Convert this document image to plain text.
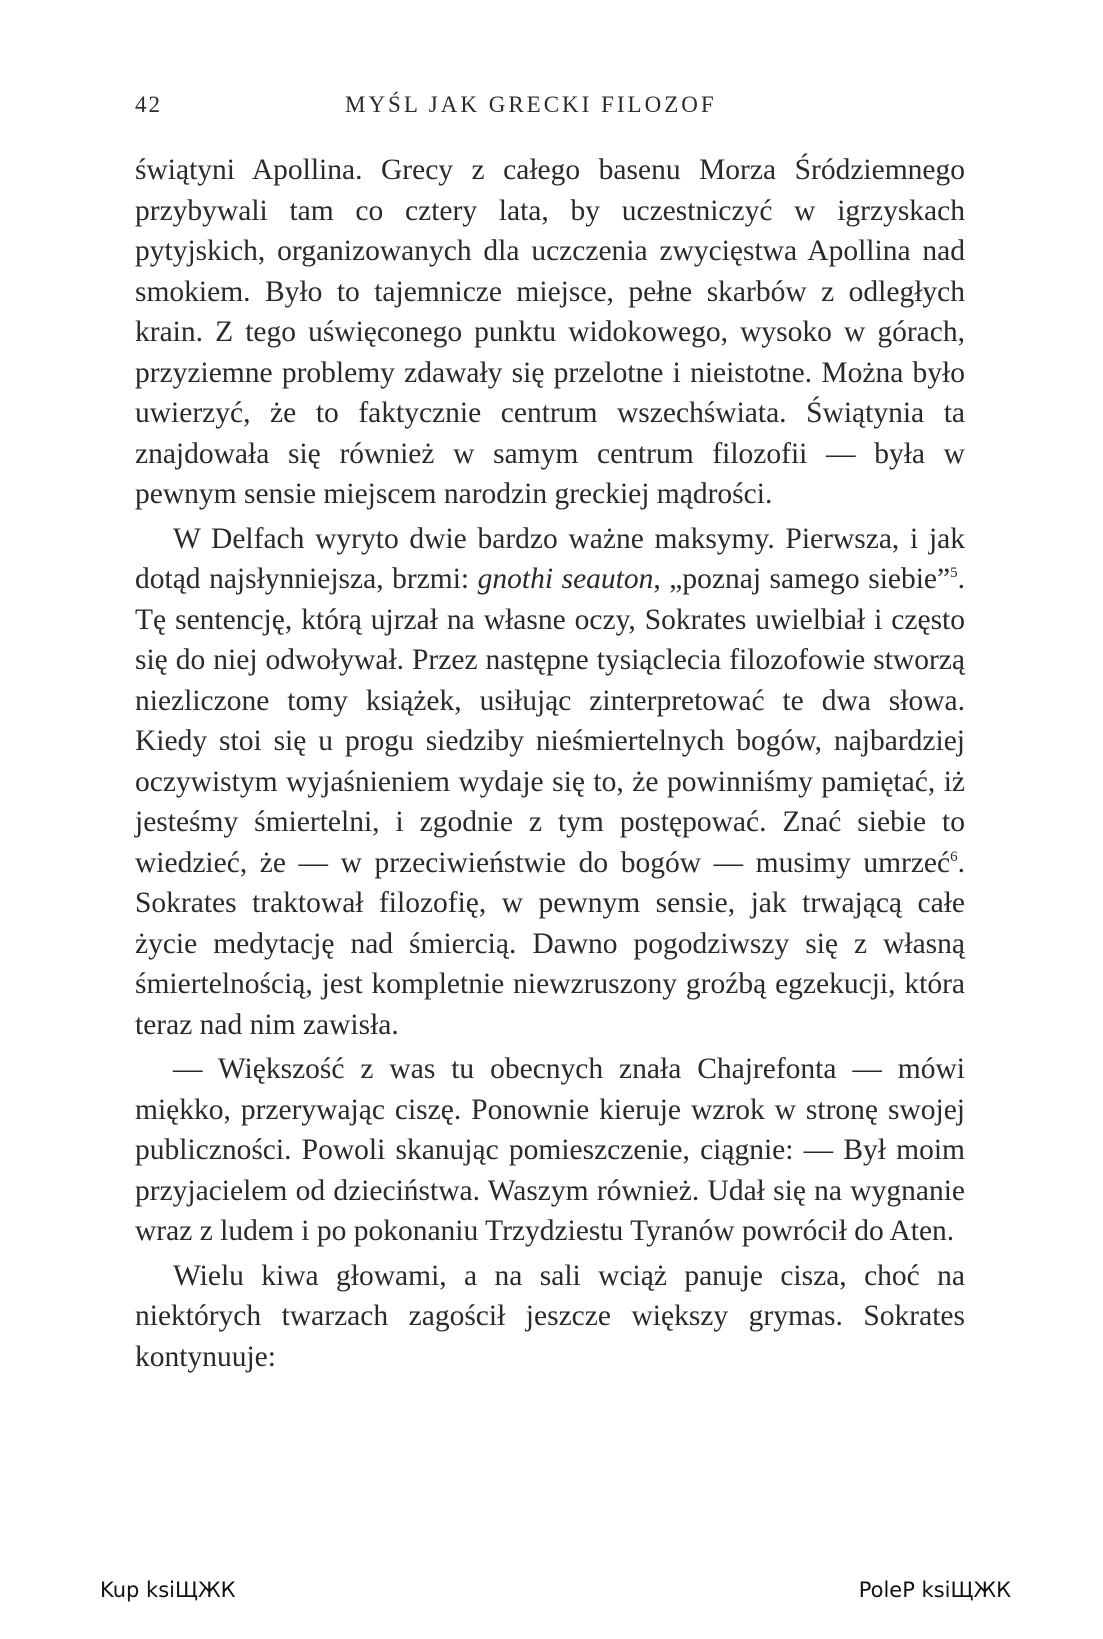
42	MYŚL JAK GRECKI FILOZOF

świątyni Apollina. Grecy z całego basenu Morza Śródziemnego przybywali tam co cztery lata, by uczestniczyć w igrzyskach pytyjskich, organizowanych dla uczczenia zwycięstwa Apollina nad smokiem. Było to tajemnicze miejsce, pełne skarbów z odległych krain. Z tego uświęconego punktu widokowego, wysoko w górach, przyziemne problemy zdawały się przelotne i nieistotne. Można było uwierzyć, że to faktycznie centrum wszechświata. Świątynia ta znajdowała się również w samym centrum filozofii — była w pewnym sensie miejscem narodzin greckiej mądrości.

W Delfach wyryto dwie bardzo ważne maksymy. Pierwsza, i jak dotąd najsłynniejsza, brzmi: gnothi seauton, „poznaj samego siebie”$^5$. Tę sentencję, którą ujrzał na własne oczy, Sokrates uwielbiał i często się do niej odwoływał. Przez następne tysiąclecia filozofowie stworzą niezliczone tomy książek, usiłując zinterpretować te dwa słowa. Kiedy stoi się u progu siedziby nieśmiertelnych bogów, najbardziej oczywistym wyjaśnieniem wydaje się to, że powinniśmy pamiętać, iż jesteśmy śmiertelni, i zgodnie z tym postępować. Znać siebie to wiedzieć, że — w przeciwieństwie do bogów — musimy umrzeć$^6$. Sokrates traktował filozofię, w pewnym sensie, jak trwającą całe życie medytację nad śmiercią. Dawno pogodziwszy się z własną śmiertelnością, jest kompletnie niewzruszony groźbą egzekucji, która teraz nad nim zawisła.

— Większość z was tu obecnych znała Chajrefonta — mówi miękko, przerywając ciszę. Ponownie kieruje wzrok w stronę swojej publiczności. Powoli skanując pomieszczenie, ciągnie: — Był moim przyjacielem od dzieciństwa. Waszym również. Udał się na wygnanie wraz z ludem i po pokonaniu Trzydziestu Tyranów powrócił do Aten.

Wielu kiwa głowami, a na sali wciąż panuje cisza, choć na niektórych twarzach zagościł jeszcze większy grymas. Sokrates kontynuuje:

Kup ksiЩЖК	PoleР ksiЩЖК
